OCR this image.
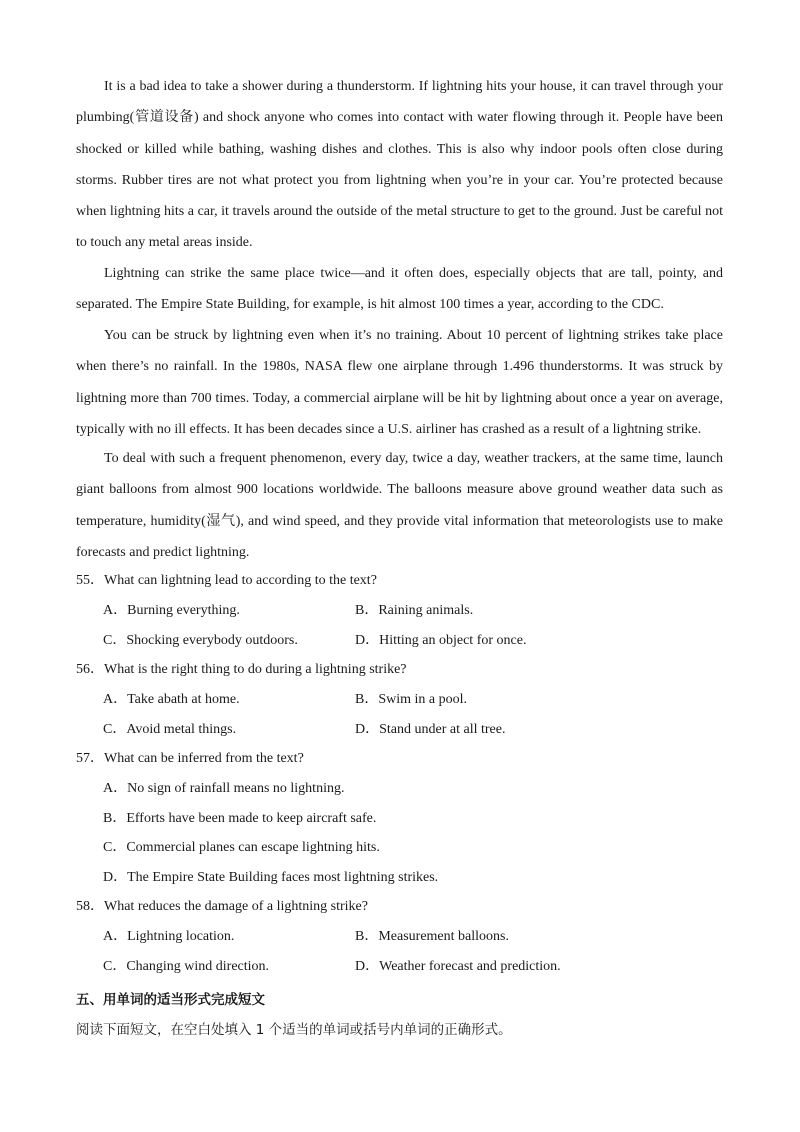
It is a bad idea to take a shower during a thunderstorm. If lightning hits your house, it can travel through your plumbing(管道设备) and shock anyone who comes into contact with water flowing through it. People have been shocked or killed while bathing, washing dishes and clothes. This is also why indoor pools often close during storms. Rubber tires are not what protect you from lightning when you’re in your car. You’re protected because when lightning hits a car, it travels around the outside of the metal structure to get to the ground. Just be careful not to touch any metal areas inside.

Lightning can strike the same place twice—and it often does, especially objects that are tall, pointy, and separated. The Empire State Building, for example, is hit almost 100 times a year, according to the CDC.

You can be struck by lightning even when it’s no training. About 10 percent of lightning strikes take place when there’s no rainfall. In the 1980s, NASA flew one airplane through 1.496 thunderstorms. It was struck by lightning more than 700 times. Today, a commercial airplane will be hit by lightning about once a year on average, typically with no ill effects. It has been decades since a U.S. airliner has crashed as a result of a lightning strike.

To deal with such a frequent phenomenon, every day, twice a day, weather trackers, at the same time, launch giant balloons from almost 900 locations worldwide. The balloons measure above ground weather data such as temperature, humidity(湿气), and wind speed, and they provide vital information that meteorologists use to make forecasts and predict lightning.

55．What can lightning lead to according to the text?

A．Burning everything.	B．Raining animals.

C．Shocking everybody outdoors.	D．Hitting an object for once.

56．What is the right thing to do during a lightning strike?

A．Take abath at home.	B．Swim in a pool.

C．Avoid metal things.	D．Stand under at all tree.

57．What can be inferred from the text?

A．No sign of rainfall means no lightning.

B．Efforts have been made to keep aircraft safe.

C．Commercial planes can escape lightning hits.

D．The Empire State Building faces most lightning strikes.

58．What reduces the damage of a lightning strike?

A．Lightning location.	B．Measurement balloons.

C．Changing wind direction.	D．Weather forecast and prediction.

五、用单词的适当形式完成短文

阅读下面短文，在空白处填入 1 个适当的单词或括号内单词的正确形式。
